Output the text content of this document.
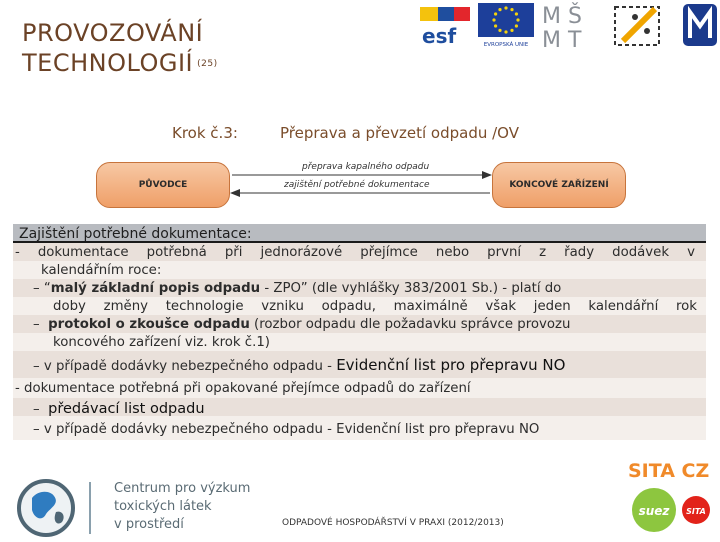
PROVOZOVÁNÍ
TECHNOLOGIÍ (25)
esf	EVROPSKÁ UNIE
M Š
M T
Krok č.3:	Přeprava a převzetí odpadu /OV
PŮVODCE	KONCOVÉ ZAŘÍZENÍ
přeprava kapalného odpadu
zajištění potřebné dokumentace
Zajištění potřebné dokumentace:
- dokumentace potřebná při jednorázové přejímce nebo první z řady dodávek v
kalendářním roce:
– “malý základní popis odpadu - ZPO” (dle vyhlášky 383/2001 Sb.) - platí do
doby změny technologie vzniku odpadu, maximálně však jeden kalendářní rok
– protokol o zkoušce odpadu (rozbor odpadu dle požadavku správce provozu
koncového zařízení viz. krok č.1)
– v případě dodávky nebezpečného odpadu - Evidenční list pro přepravu NO
- dokumentace potřebná při opakované přejímce odpadů do zařízení
– předávací list odpadu
– v případě dodávky nebezpečného odpadu - Evidenční list pro přepravu NO
Centrum pro výzkum
toxických látek
v prostředí
SITA CZ
suez SITA
ODPADOVÉ HOSPODÁŘSTVÍ V PRAXI (2012/2013)
